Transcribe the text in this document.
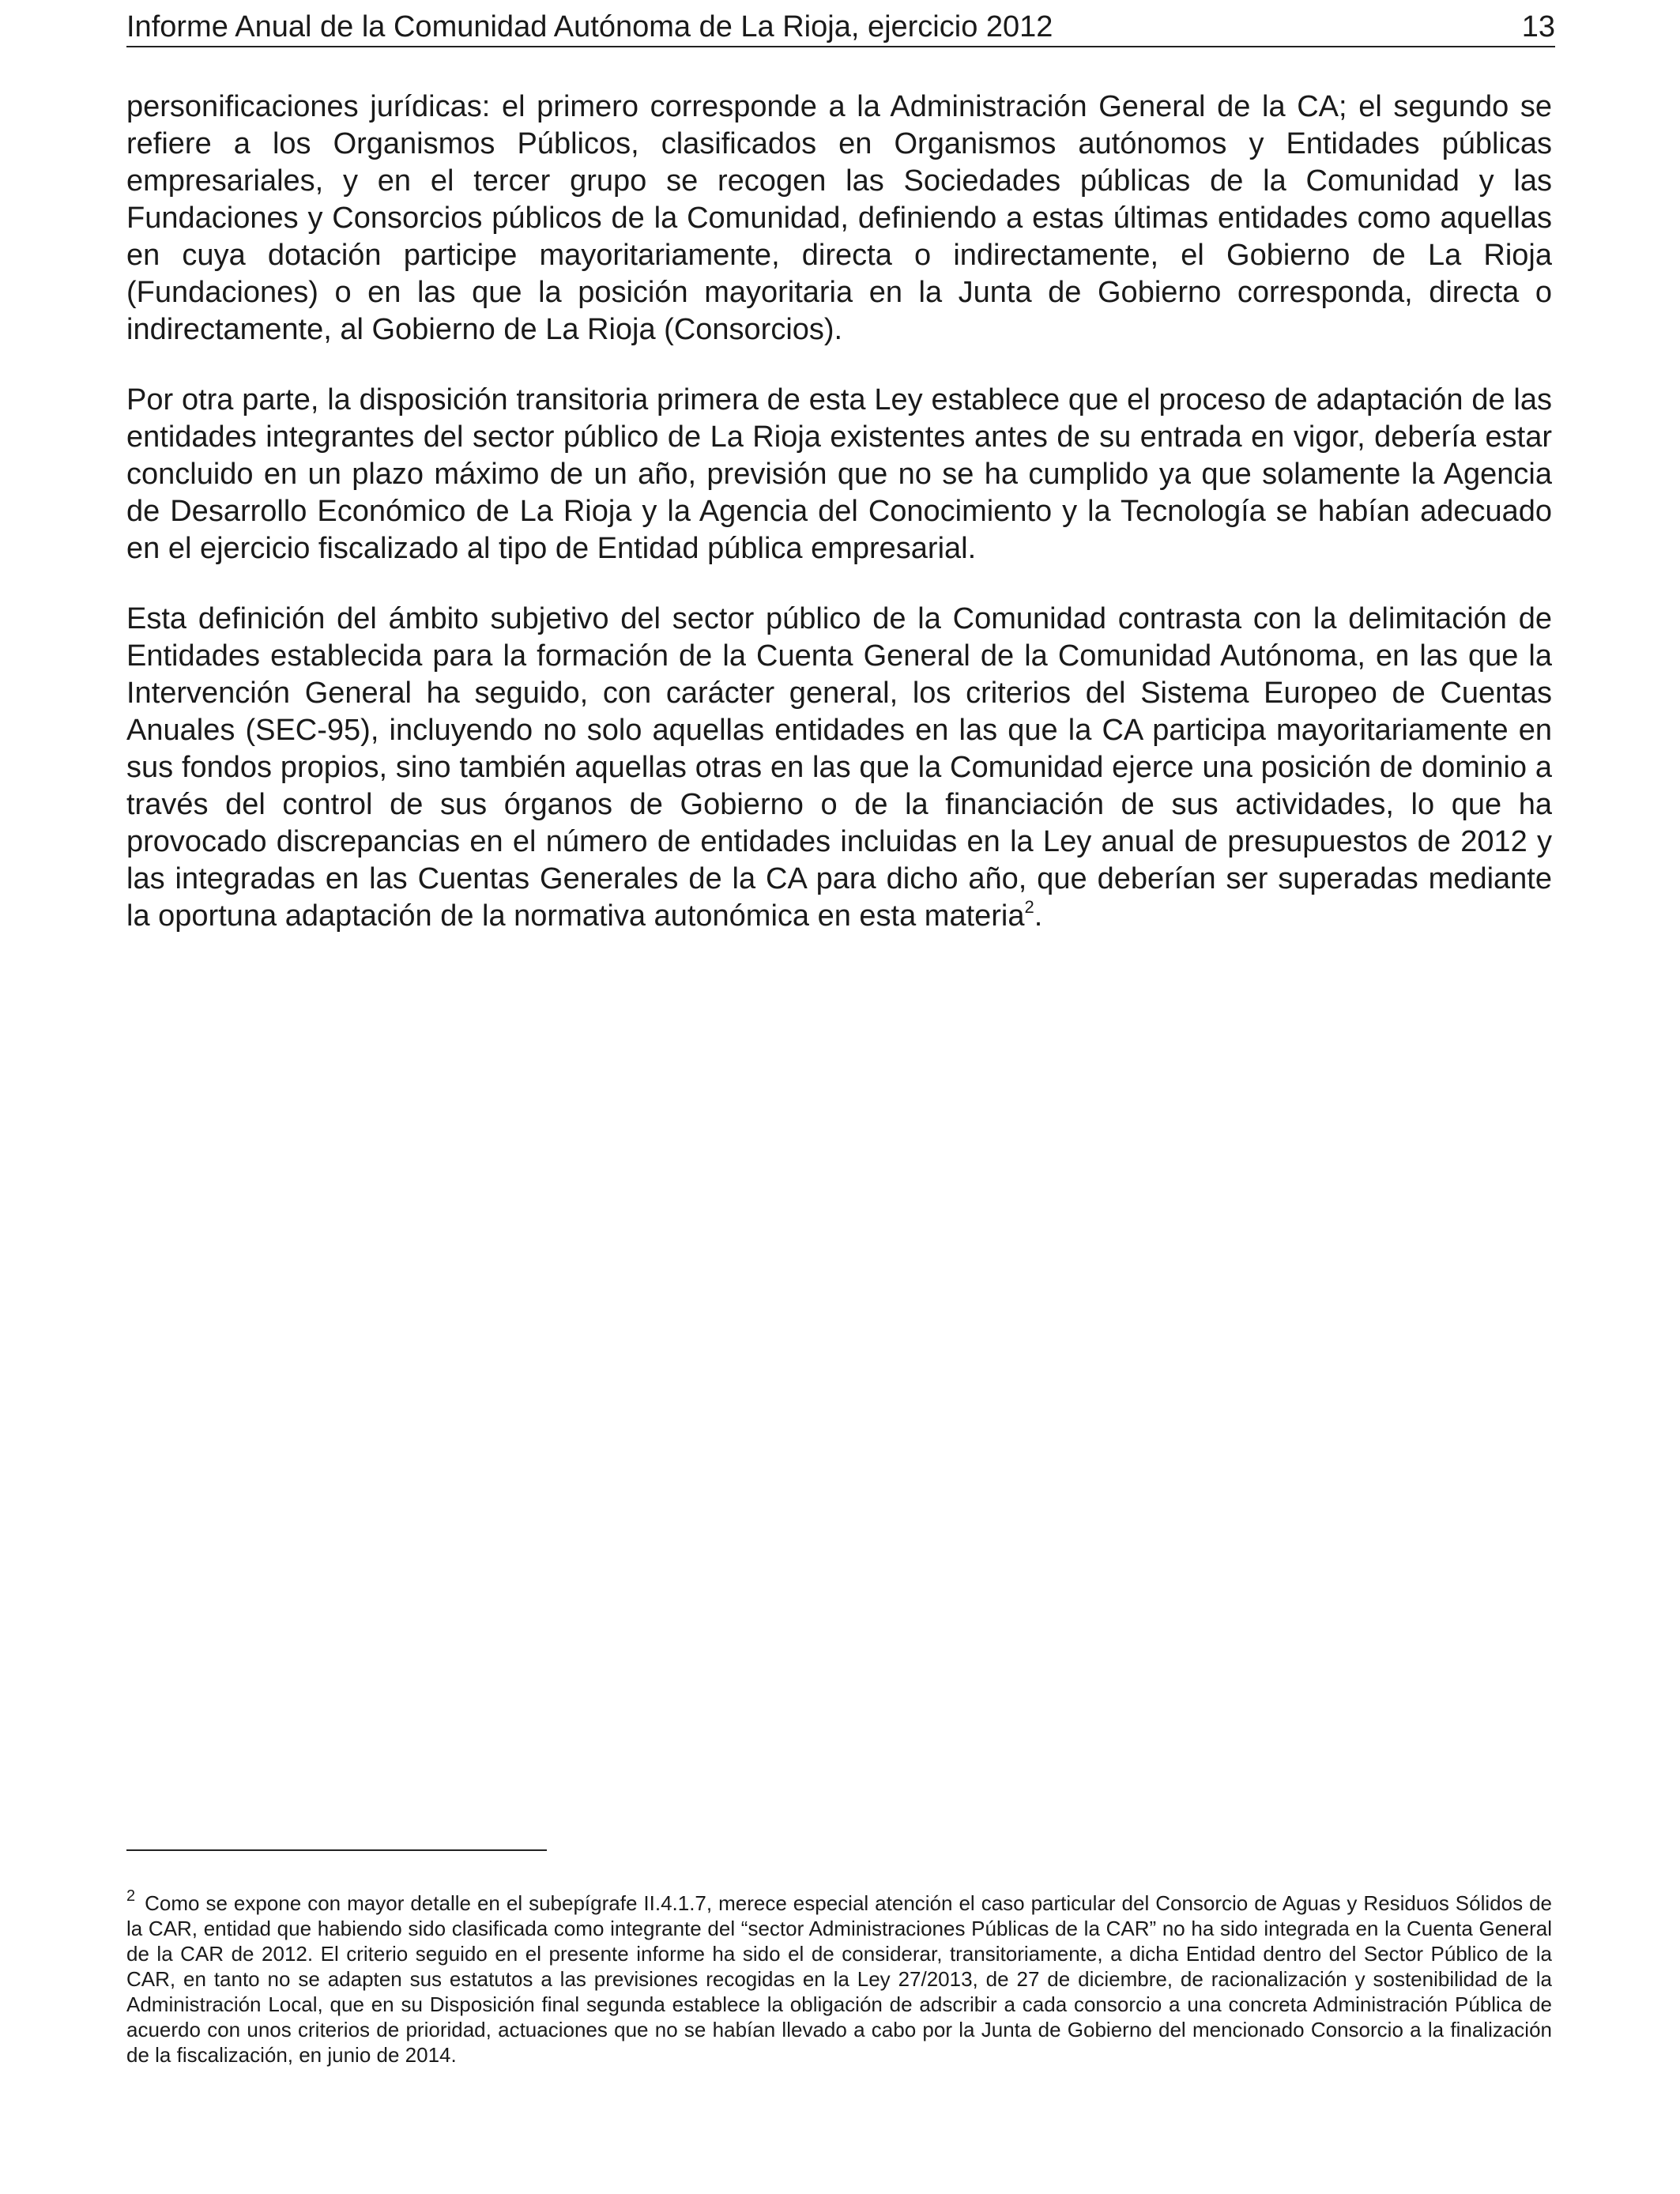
Informe Anual de la Comunidad Autónoma de La Rioja, ejercicio 2012	13

personificaciones jurídicas: el primero corresponde a la Administración General de la CA; el segundo se refiere a los Organismos Públicos, clasificados en Organismos autónomos y Entidades públicas empresariales, y en el tercer grupo se recogen las Sociedades públicas de la Comunidad y las Fundaciones y Consorcios públicos de la Comunidad, definiendo a estas últimas entidades como aquellas en cuya dotación participe mayoritariamente, directa o indirectamente, el Gobierno de La Rioja (Fundaciones) o en las que la posición mayoritaria en la Junta de Gobierno corresponda, directa o indirectamente, al Gobierno de La Rioja (Consorcios).

Por otra parte, la disposición transitoria primera de esta Ley establece que el proceso de adaptación de las entidades integrantes del sector público de La Rioja existentes antes de su entrada en vigor, debería estar concluido en un plazo máximo de un año, previsión que no se ha cumplido ya que solamente la Agencia de Desarrollo Económico de La Rioja y la Agencia del Conocimiento y la Tecnología se habían adecuado en el ejercicio fiscalizado al tipo de Entidad pública empresarial.

Esta definición del ámbito subjetivo del sector público de la Comunidad contrasta con la delimitación de Entidades establecida para la formación de la Cuenta General de la Comunidad Autónoma, en las que la Intervención General ha seguido, con carácter general, los criterios del Sistema Europeo de Cuentas Anuales (SEC-95), incluyendo no solo aquellas entidades en las que la CA participa mayoritariamente en sus fondos propios, sino también aquellas otras en las que la Comunidad ejerce una posición de dominio a través del control de sus órganos de Gobierno o de la financiación de sus actividades, lo que ha provocado discrepancias en el número de entidades incluidas en la Ley anual de presupuestos de 2012 y las integradas en las Cuentas Generales de la CA para dicho año, que deberían ser superadas mediante la oportuna adaptación de la normativa autonómica en esta materia$^2$.

$^2$ Como se expone con mayor detalle en el subepígrafe II.4.1.7, merece especial atención el caso particular del Consorcio de Aguas y Residuos Sólidos de la CAR, entidad que habiendo sido clasificada como integrante del “sector Administraciones Públicas de la CAR” no ha sido integrada en la Cuenta General de la CAR de 2012. El criterio seguido en el presente informe ha sido el de considerar, transitoriamente, a dicha Entidad dentro del Sector Público de la CAR, en tanto no se adapten sus estatutos a las previsiones recogidas en la Ley 27/2013, de 27 de diciembre, de racionalización y sostenibilidad de la Administración Local, que en su Disposición final segunda establece la obligación de adscribir a cada consorcio a una concreta Administración Pública de acuerdo con unos criterios de prioridad, actuaciones que no se habían llevado a cabo por la Junta de Gobierno del mencionado Consorcio a la finalización de la fiscalización, en junio de 2014.
